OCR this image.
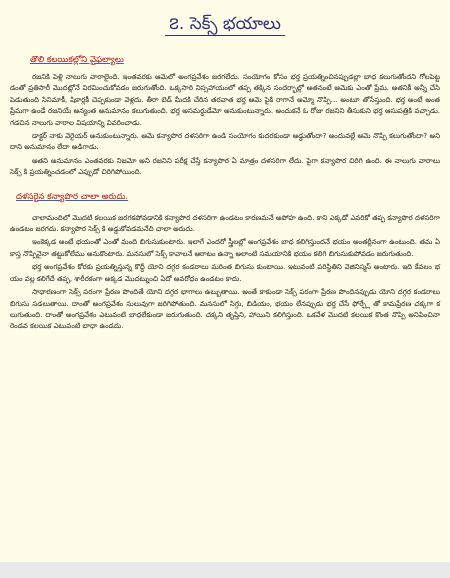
౭. సెక్స్ భయాలు
తొలి కలయికల్లోని వైఫల్యాలు

రజనికి పెళ్లి నాలుగు వారాలైంది. ఇంతవరకు ఆమెలో అంగప్రవేశం జరగలేదు. సంయోగం కోసం భర్త ప్రయత్నించినప్పుడల్లా బాధ కలుగుతోందని గోలపెట్టడంతో ప్రతిసారీ మొదట్లోనే విరమించుకోవడం జరుగుతోంది. ఒక్కసారి నిస్సహాయంలో తప్ప తక్కిన సందర్భాల్లో అతనంటే ఆమెకు ఎంతో ప్రేమ. అతనికీ అన్నీ చేసి పెడుతుంది సినిమాకీ, షికార్లకీ చెప్పకుండా వెళ్లదు. తీరా బెడ్ మీదకి చేరిన తరవాత భర్త ఆమె పైకి రాగానే అమ్మో నొప్పి... అంటూ తోసేస్తుంది. భర్త అంటే అంత ప్రేమగా ఉండే రజనియే అన్యంత అనుమానం కలుగుతుంది. భర్త అసమర్థుడేమో అనుకుంటున్నారు. అందుకనే ఓ రోజు రజనిని తీసుకుని భర్త ఆసుపత్రికి వచ్చాడు. గడచిన నాలుగు వారాల విషయాన్ని వివరించాడు.

డాక్టర్ నాకు వెరైయర్ అనుకుంటున్నారు. ఆమె కన్యాపొర దళసరిగా ఉండి సంయోగం కుదరకుండా అడ్డుతోందా? అందువల్లే ఆమె నొప్పి కలుగుతోందా? అని దాని అనుమానం లేదా అడిగాడు.

అతని అనుమానం ఎంతవరకు నిజమో అని రజనిని పరీక్ష చేస్తే కన్యాపొర ఏ మాత్రం దళసరిగా లేదు. పైగా కన్యాపొర చిరిగి ఉంది. ఈ నాలుగు వారాలు సెక్స్ కి ప్రయత్నించడంలో ఎప్పుడో చిరిగిపోయింది.

దళసరైన కన్యాపొర చాలా అరుదు.

చాలామందిలో మొదటి కలయిక జరగకపోవడానికి కన్యాపొర దళసరిగా ఉండటం కారణమనే అపోహ ఉంది. కాని ఎక్కడో ఎవరికో తప్ప కన్యాపొర దళసరిగా ఉండటం జరగదు. కన్యాపొర సెక్స్ కి అడ్డుకోవడమనేది చాలా అరుదు.

ఇంకెక్కడ అంటే భయంతో ఎంతో మంది బిగుసుకుంటారు. ఇలాగే ఎందరో స్త్రీలల్లో అంగప్రవేశం బాధ కలిగిస్తుందనే భయం అంతర్లీనంగా ఉంటుంది. తమ ఏ కాస్త నొప్పినైనా తట్టుకోలేము అనుకొంటారు. మనసులో సెక్స్ కావాలనే ఆరాటం ఉన్నా అలాంటి సమయానికి భయం కలిగి బిగుసుకుపోవడం జరుగుతుంది.

భర్త అంగప్రవేశం కోరకు ప్రయత్నిస్తున్న కొద్దీ యోని దగ్గర కండరాలు మరింత బిగుసు కుంటాయి. ఇటువంటి పరిస్థితిని వెజినిస్మస్ అంటారు. ఇది కేవలం భయం వల్ల కలిగేదే తప్ప, శారీరకంగా అక్కడ మొదట్నుంచి ఏదో అవరోధం ఉండటం కాదు.

సాధారణంగా సెక్స్ పరంగా ప్రేరణ పొందితే యోని దగ్గర భాగాలు ఉబ్బుతాయి. అంతే కాకుండా సెక్స్ పరంగా ప్రేరణ పొందినప్పుడు యోని దగ్గర కండరాలు బిగుసు సడలుతాయి. దాంతో అంగప్రవేశం సులువుగా జరిగిపోతుంది. మనసులో సిగ్గు, బిడియం, భయం లేనప్పుడు భర్త చేసే ఫోర్ప్లే తో కామప్రేరణ చక్కగా కలుగుతుంది. దాంతో అంగప్రవేశం ఎటువంటి బాధలేకుండా జరుగుతుంది. చక్కని తృప్తిని, హాయిని కలిగిస్తుంది. ఒకవేళ మొదటి కలయిక కొంత నొప్పి అనిపించినా రెండవ కలయిక ఎటువంటి బాధా ఉండదు.
